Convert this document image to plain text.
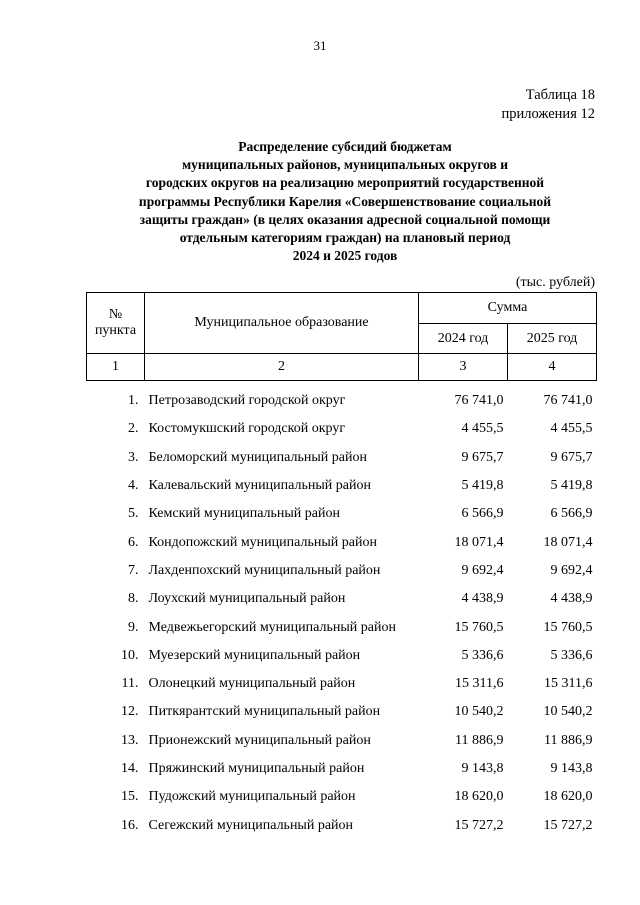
31
Таблица 18
приложения 12
Распределение субсидий бюджетам
муниципальных районов, муниципальных округов и
городских округов на реализацию мероприятий государственной
программы Республики Карелия «Совершенствование социальной
защиты граждан» (в целях оказания адресной социальной помощи
отдельным категориям граждан) на плановый период
2024 и 2025 годов
(тыс. рублей)
№
пункта	Муниципальное образование	Сумма	
		2024 год	2025 год
1	2	3	4
1.	Петрозаводский городской округ	76 741,0	76 741,0
2.	Костомукшский городской округ	4 455,5	4 455,5
3.	Беломорский муниципальный район	9 675,7	9 675,7
4.	Калевальский муниципальный район	5 419,8	5 419,8
5.	Кемский муниципальный район	6 566,9	6 566,9
6.	Кондопожский муниципальный район	18 071,4	18 071,4
7.	Лахденпохский муниципальный район	9 692,4	9 692,4
8.	Лоухский муниципальный район	4 438,9	4 438,9
9.	Медвежьегорский муниципальный район	15 760,5	15 760,5
10.	Муезерский муниципальный район	5 336,6	5 336,6
11.	Олонецкий муниципальный район	15 311,6	15 311,6
12.	Питкярантский муниципальный район	10 540,2	10 540,2
13.	Прионежский муниципальный район	11 886,9	11 886,9
14.	Пряжинский муниципальный район	9 143,8	9 143,8
15.	Пудожский муниципальный район	18 620,0	18 620,0
16.	Сегежский муниципальный район	15 727,2	15 727,2
